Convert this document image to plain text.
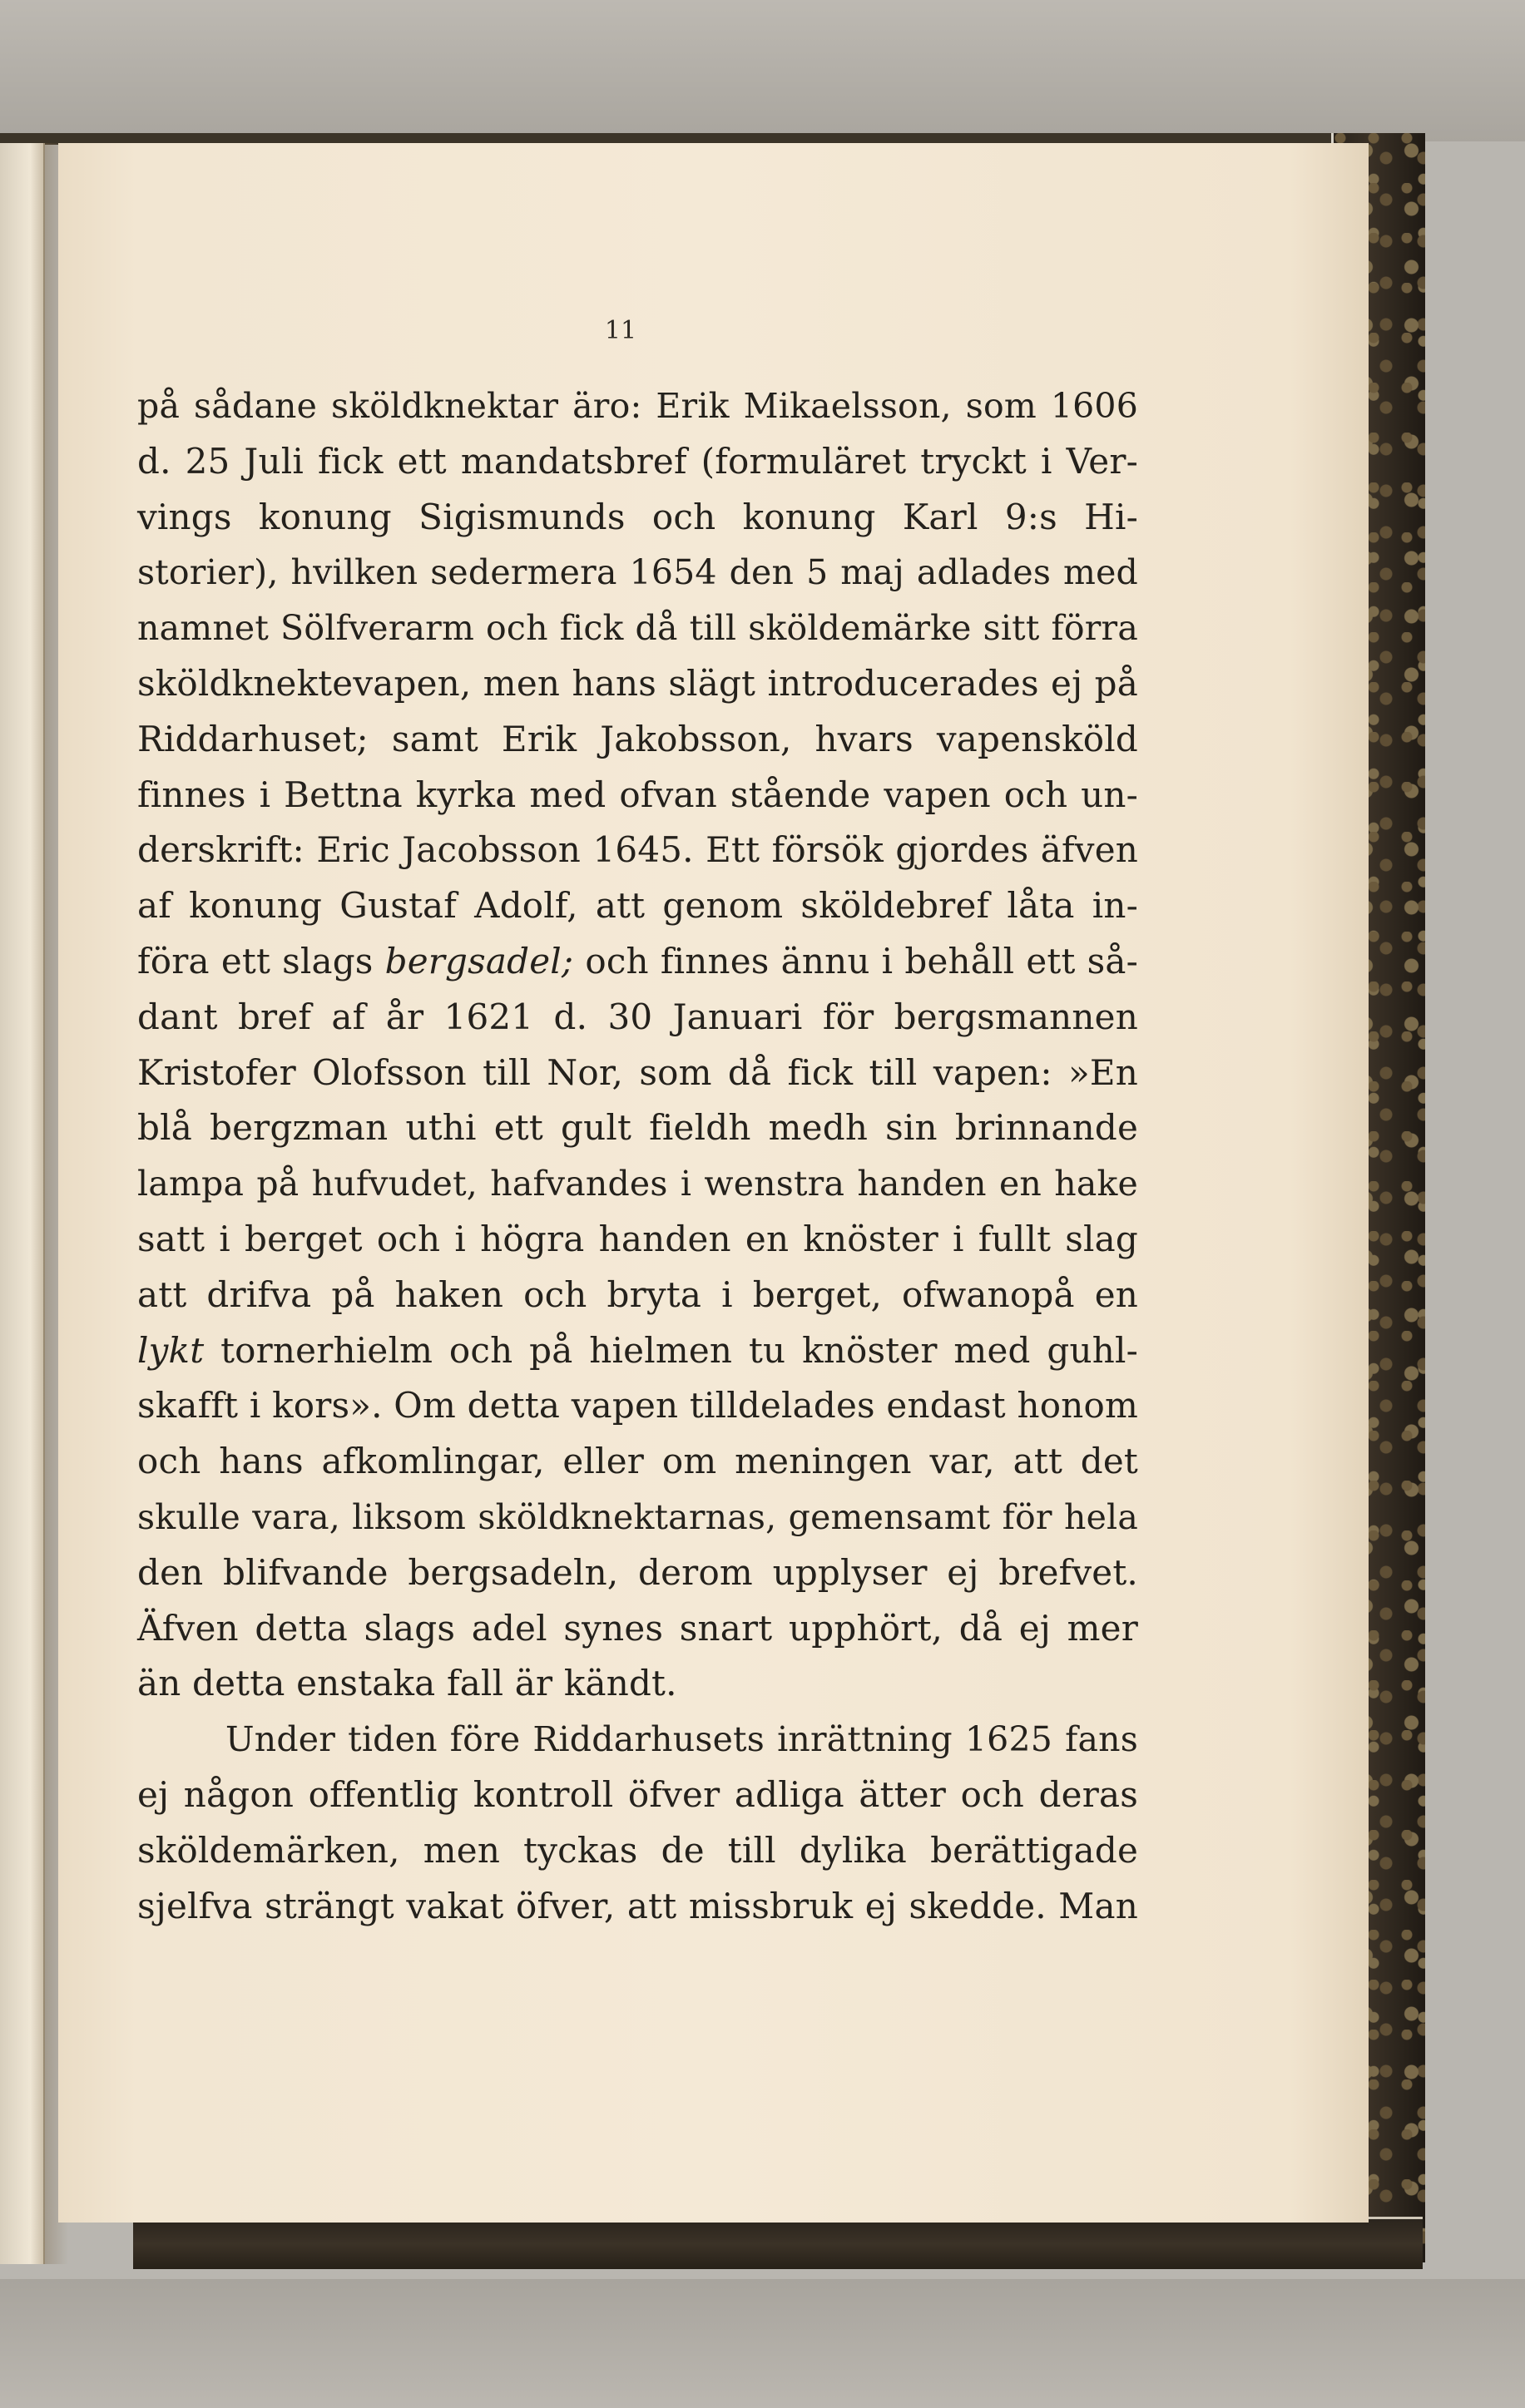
11
på sådane sköldknektar äro: Erik Mikaelsson, som 1606
d. 25 Juli fick ett mandatsbref (formuläret tryckt i Ver-
vings konung Sigismunds och konung Karl 9:s Hi-
storier), hvilken sedermera 1654 den 5 maj adlades med
namnet Sölfverarm och fick då till sköldemärke sitt förra
sköldknektevapen, men hans slägt introducerades ej på
Riddarhuset; samt Erik Jakobsson, hvars vapensköld
finnes i Bettna kyrka med ofvan stående vapen och un-
derskrift: Eric Jacobsson 1645. Ett försök gjordes äfven
af konung Gustaf Adolf, att genom sköldebref låta in-
föra ett slags bergsadel; och finnes ännu i behåll ett så-
dant bref af år 1621 d. 30 Januari för bergsmannen
Kristofer Olofsson till Nor, som då fick till vapen: »En
blå bergzman uthi ett gult fieldh medh sin brinnande
lampa på hufvudet, hafvandes i wenstra handen en hake
satt i berget och i högra handen en knöster i fullt slag
att drifva på haken och bryta i berget, ofwanopå en
lykt tornerhielm och på hielmen tu knöster med guhl-
skafft i kors». Om detta vapen tilldelades endast honom
och hans afkomlingar, eller om meningen var, att det
skulle vara, liksom sköldknektarnas, gemensamt för hela
den blifvande bergsadeln, derom upplyser ej brefvet.
Äfven detta slags adel synes snart upphört, då ej mer
än detta enstaka fall är kändt.
Under tiden före Riddarhusets inrättning 1625 fans
ej någon offentlig kontroll öfver adliga ätter och deras
sköldemärken, men tyckas de till dylika berättigade
sjelfva strängt vakat öfver, att missbruk ej skedde. Man
